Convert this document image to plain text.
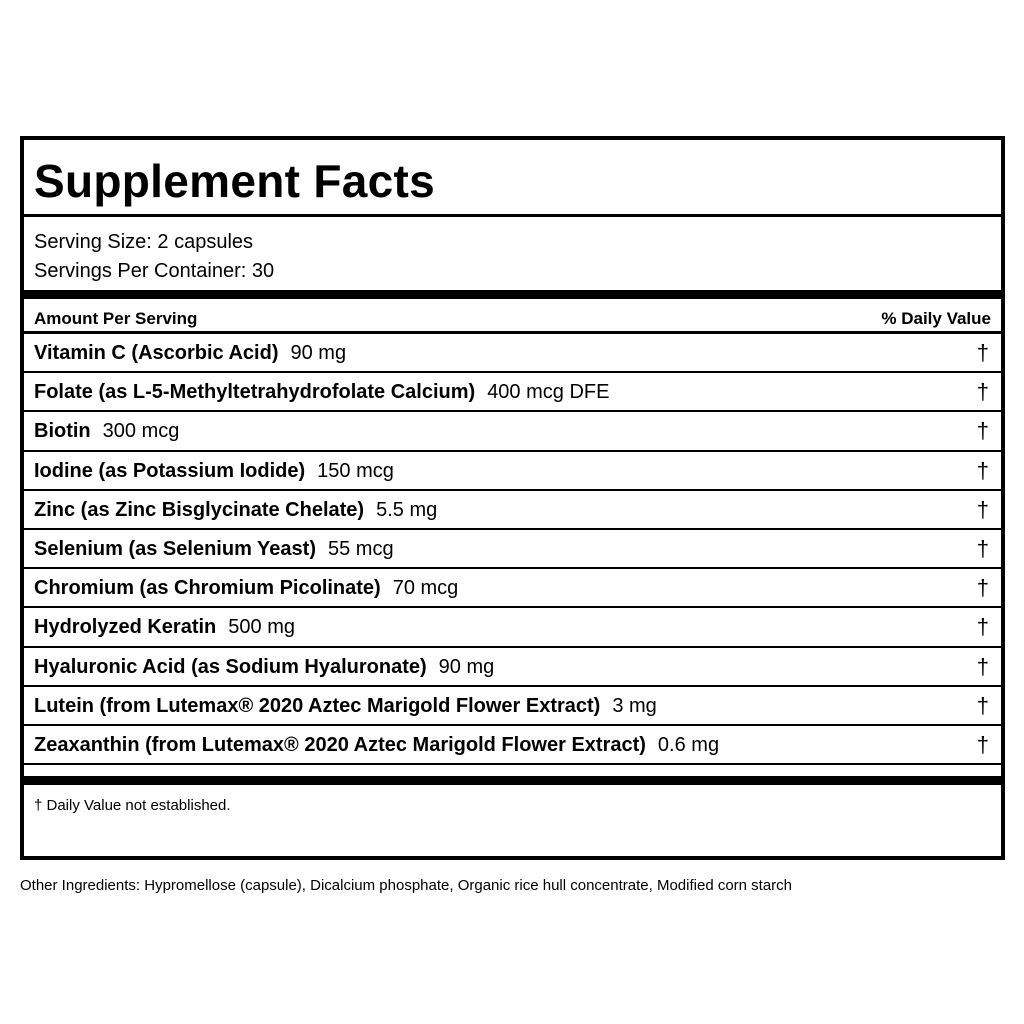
Supplement Facts
Serving Size: 2 capsules
Servings Per Container: 30
Amount Per Serving	% Daily Value
Vitamin C (Ascorbic Acid) 90 mg	†
Folate (as L-5-Methyltetrahydrofolate Calcium) 400 mcg DFE	†
Biotin 300 mcg	†
Iodine (as Potassium Iodide) 150 mcg	†
Zinc (as Zinc Bisglycinate Chelate) 5.5 mg	†
Selenium (as Selenium Yeast) 55 mcg	†
Chromium (as Chromium Picolinate) 70 mcg	†
Hydrolyzed Keratin 500 mg	†
Hyaluronic Acid (as Sodium Hyaluronate) 90 mg	†
Lutein (from Lutemax® 2020 Aztec Marigold Flower Extract) 3 mg	†
Zeaxanthin (from Lutemax® 2020 Aztec Marigold Flower Extract) 0.6 mg	†
† Daily Value not established.
Other Ingredients: Hypromellose (capsule), Dicalcium phosphate, Organic rice hull concentrate, Modified corn starch
